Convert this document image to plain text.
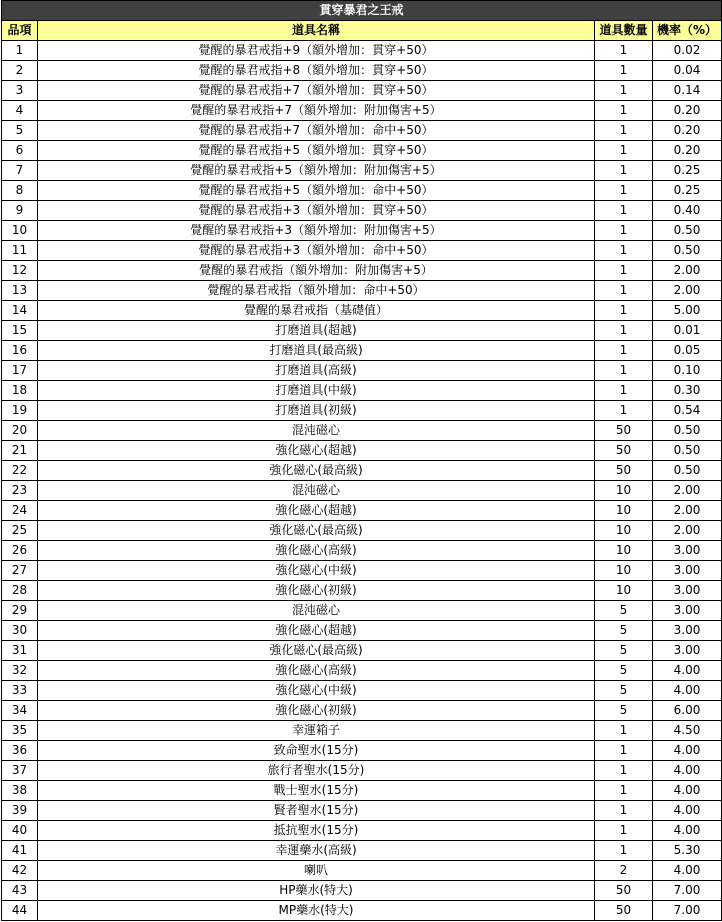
貫穿暴君之王戒			
品項	道具名稱	道具數量	機率（%）
1	覺醒的暴君戒指+9（額外增加：貫穿+50）	1	0.02
2	覺醒的暴君戒指+8（額外增加：貫穿+50）	1	0.04
3	覺醒的暴君戒指+7（額外增加：貫穿+50）	1	0.14
4	覺醒的暴君戒指+7（額外增加：附加傷害+5）	1	0.20
5	覺醒的暴君戒指+7（額外增加：命中+50）	1	0.20
6	覺醒的暴君戒指+5（額外增加：貫穿+50）	1	0.20
7	覺醒的暴君戒指+5（額外增加：附加傷害+5）	1	0.25
8	覺醒的暴君戒指+5（額外增加：命中+50）	1	0.25
9	覺醒的暴君戒指+3（額外增加：貫穿+50）	1	0.40
10	覺醒的暴君戒指+3（額外增加：附加傷害+5）	1	0.50
11	覺醒的暴君戒指+3（額外增加：命中+50）	1	0.50
12	覺醒的暴君戒指（額外增加：附加傷害+5）	1	2.00
13	覺醒的暴君戒指（額外增加：命中+50）	1	2.00
14	覺醒的暴君戒指（基礎值）	1	5.00
15	打磨道具(超越)	1	0.01
16	打磨道具(最高級)	1	0.05
17	打磨道具(高級)	1	0.10
18	打磨道具(中級)	1	0.30
19	打磨道具(初級)	1	0.54
20	混沌磁心	50	0.50
21	強化磁心(超越)	50	0.50
22	強化磁心(最高級)	50	0.50
23	混沌磁心	10	2.00
24	強化磁心(超越)	10	2.00
25	強化磁心(最高級)	10	2.00
26	強化磁心(高級)	10	3.00
27	強化磁心(中級)	10	3.00
28	強化磁心(初級)	10	3.00
29	混沌磁心	5	3.00
30	強化磁心(超越)	5	3.00
31	強化磁心(最高級)	5	3.00
32	強化磁心(高級)	5	4.00
33	強化磁心(中級)	5	4.00
34	強化磁心(初級)	5	6.00
35	幸運箱子	1	4.50
36	致命聖水(15分)	1	4.00
37	旅行者聖水(15分)	1	4.00
38	戰士聖水(15分)	1	4.00
39	賢者聖水(15分)	1	4.00
40	抵抗聖水(15分)	1	4.00
41	幸運藥水(高級)	1	5.30
42	喇叭	2	4.00
43	HP藥水(特大)	50	7.00
44	MP藥水(特大)	50	7.00
